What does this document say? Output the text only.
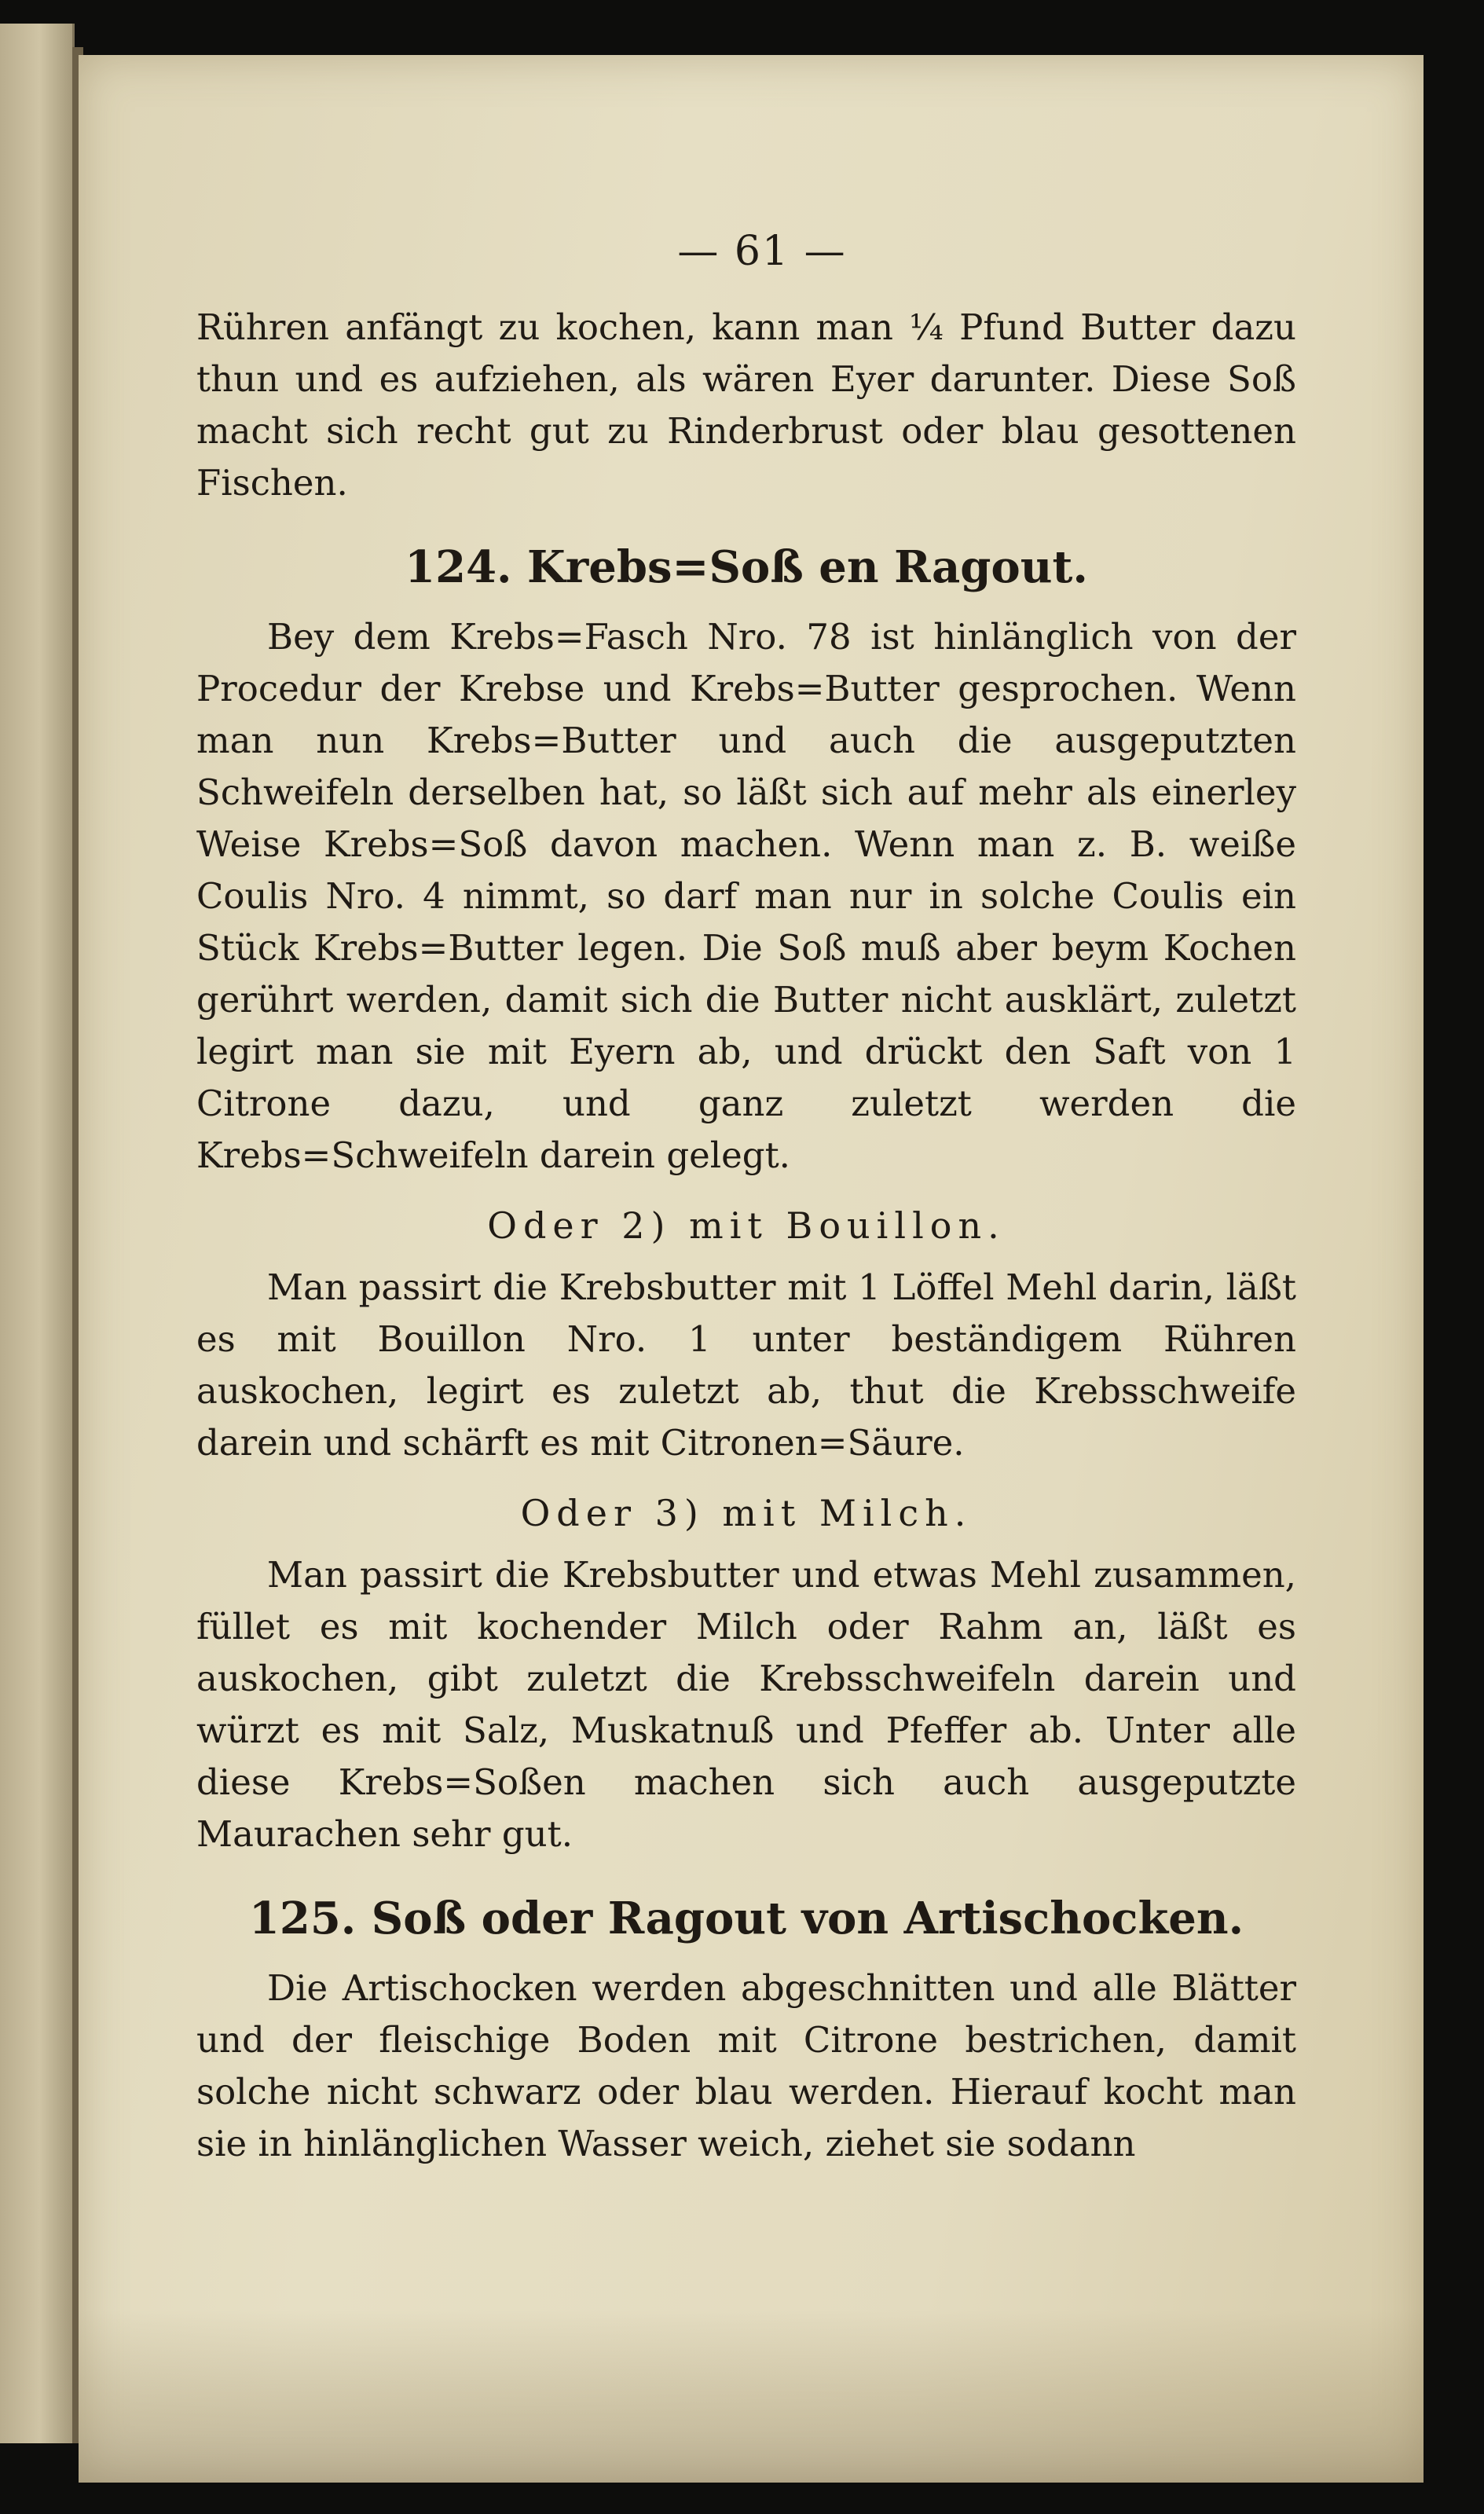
— 61 —

Rühren anfängt zu kochen, kann man ¼ Pfund Butter dazu thun und es aufziehen, als wären Eyer darunter. Diese Soß macht sich recht gut zu Rinderbrust oder blau gesottenen Fischen.

124. Krebs=Soß en Ragout.

Bey dem Krebs=Fasch Nro. 78 ist hinlänglich von der Procedur der Krebse und Krebs=Butter gesprochen. Wenn man nun Krebs=Butter und auch die ausgeputzten Schweifeln derselben hat, so läßt sich auf mehr als einerley Weise Krebs=Soß davon machen. Wenn man z. B. weiße Coulis Nro. 4 nimmt, so darf man nur in solche Coulis ein Stück Krebs=Butter legen. Die Soß muß aber beym Kochen gerührt werden, damit sich die Butter nicht ausklärt, zuletzt legirt man sie mit Eyern ab, und drückt den Saft von 1 Citrone dazu, und ganz zuletzt werden die Krebs=Schweifeln darein gelegt.

Oder 2) mit Bouillon.

Man passirt die Krebsbutter mit 1 Löffel Mehl darin, läßt es mit Bouillon Nro. 1 unter beständigem Rühren auskochen, legirt es zuletzt ab, thut die Krebsschweife darein und schärft es mit Citronen=Säure.

Oder 3) mit Milch.

Man passirt die Krebsbutter und etwas Mehl zusammen, füllet es mit kochender Milch oder Rahm an, läßt es auskochen, gibt zuletzt die Krebsschweifeln darein und würzt es mit Salz, Muskatnuß und Pfeffer ab. Unter alle diese Krebs=Soßen machen sich auch ausgeputzte Maurachen sehr gut.

125. Soß oder Ragout von Artischocken.

Die Artischocken werden abgeschnitten und alle Blätter und der fleischige Boden mit Citrone bestrichen, damit solche nicht schwarz oder blau werden. Hierauf kocht man sie in hinlänglichen Wasser weich, ziehet sie sodann
